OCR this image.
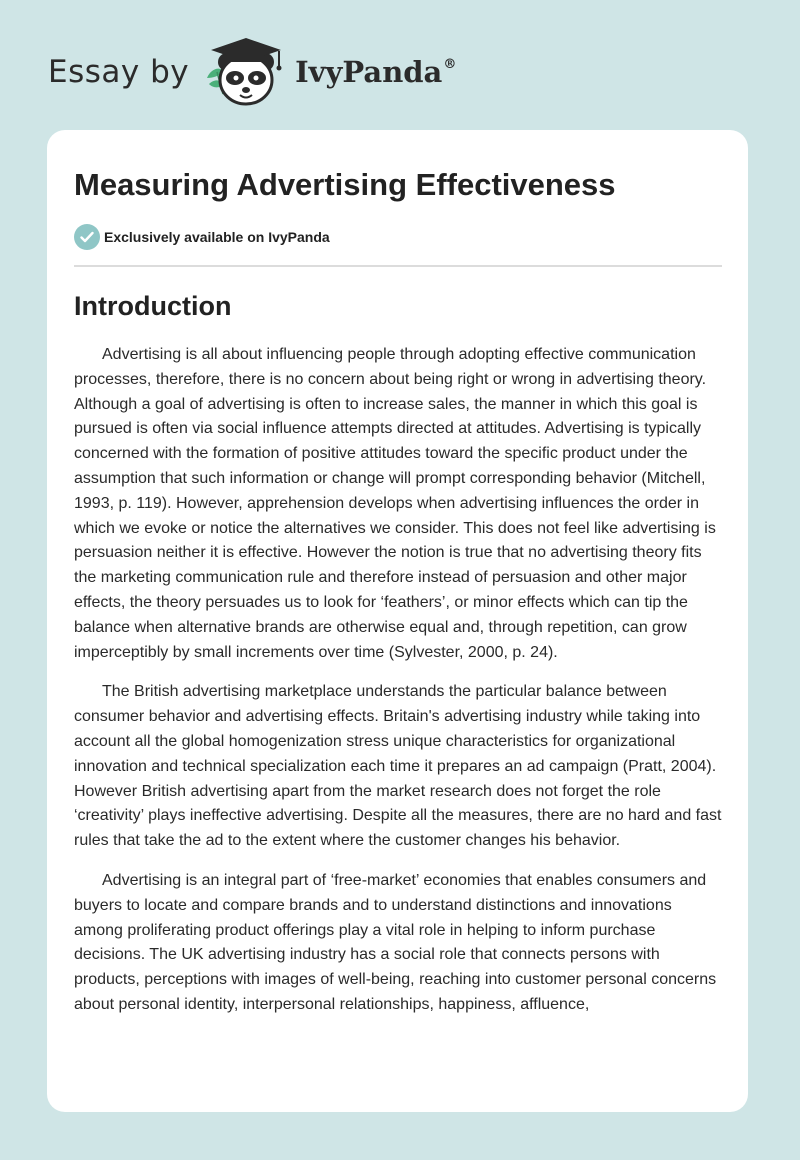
Essay by	IvyPanda®
Measuring Advertising Effectiveness
Exclusively available on IvyPanda
Introduction

Advertising is all about influencing people through adopting effective communication processes, therefore, there is no concern about being right or wrong in advertising theory. Although a goal of advertising is often to increase sales, the manner in which this goal is pursued is often via social influence attempts directed at attitudes. Advertising is typically concerned with the formation of positive attitudes toward the specific product under the assumption that such information or change will prompt corresponding behavior (Mitchell, 1993, p. 119). However, apprehension develops when advertising influences the order in which we evoke or notice the alternatives we consider. This does not feel like advertising is persuasion neither it is effective. However the notion is true that no advertising theory fits the marketing communication rule and therefore instead of persuasion and other major effects, the theory persuades us to look for ‘feathers’, or minor effects which can tip the balance when alternative brands are otherwise equal and, through repetition, can grow imperceptibly by small increments over time (Sylvester, 2000, p. 24).

The British advertising marketplace understands the particular balance between consumer behavior and advertising effects. Britain's advertising industry while taking into account all the global homogenization stress unique characteristics for organizational innovation and technical specialization each time it prepares an ad campaign (Pratt, 2004). However British advertising apart from the market research does not forget the role ‘creativity’ plays ineffective advertising. Despite all the measures, there are no hard and fast rules that take the ad to the extent where the customer changes his behavior.

Advertising is an integral part of ‘free-market’ economies that enables consumers and buyers to locate and compare brands and to understand distinctions and innovations among proliferating product offerings play a vital role in helping to inform purchase decisions. The UK advertising industry has a social role that connects persons with products, perceptions with images of well-being, reaching into customer personal concerns about personal identity, interpersonal relationships, happiness, affluence,
